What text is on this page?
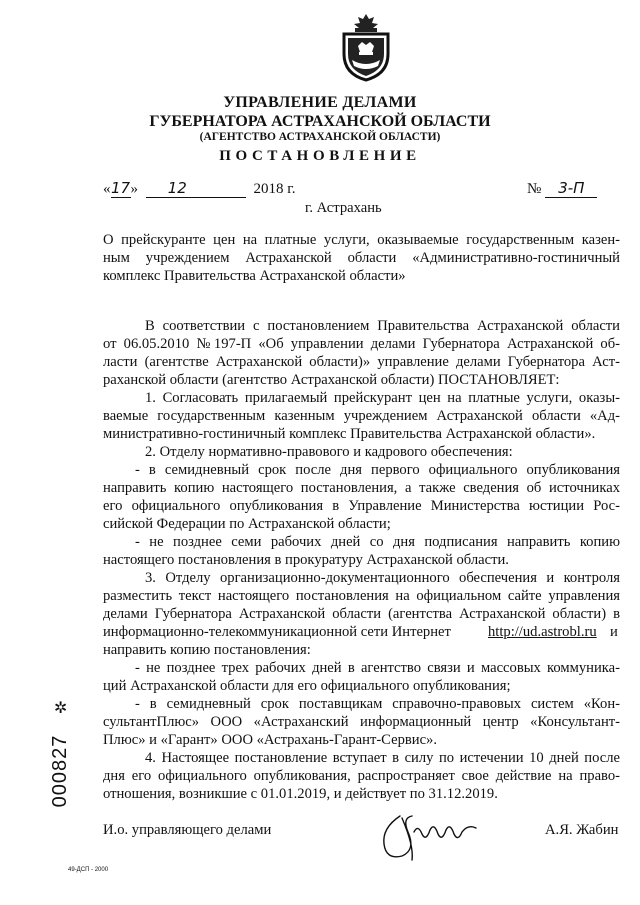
УПРАВЛЕНИЕ ДЕЛАМИ
ГУБЕРНАТОРА АСТРАХАНСКОЙ ОБЛАСТИ
(АГЕНТСТВО АСТРАХАНСКОЙ ОБЛАСТИ)
ПОСТАНОВЛЕНИЕ
«17» 12	2018 г.	№ 3-П
г. Астрахань
О прейскуранте цен на платные услуги, оказываемые государственным казен-
ным учреждением Астраханской области «Административно-гостиничный
комплекс Правительства Астраханской области»
В соответствии с постановлением Правительства Астраханской области
от 06.05.2010 №197-П «Об управлении делами Губернатора Астраханской об-
ласти (агентстве Астраханской области)» управление делами Губернатора Аст-
раханской области (агентство Астраханской области) ПОСТАНОВЛЯЕТ:
1. Согласовать прилагаемый прейскурант цен на платные услуги, оказы-
ваемые государственным казенным учреждением Астраханской области «Ад-
министративно-гостиничный комплекс Правительства Астраханской области».
2. Отделу нормативно-правового и кадрового обеспечения:
- в семидневный срок после дня первого официального опубликования
направить копию настоящего постановления, а также сведения об источниках
его официального опубликования в Управление Министерства юстиции Рос-
сийской Федерации по Астраханской области;
- не позднее семи рабочих дней со дня подписания направить копию
настоящего постановления в прокуратуру Астраханской области.
3. Отделу организационно-документационного обеспечения и контроля
разместить текст настоящего постановления на официальном сайте управления
делами Губернатора Астраханской области (агентства Астраханской области) в
информационно-телекоммуникационной сети Интернет	http://ud.astrobl.ru и
направить копию постановления:
- не позднее трех рабочих дней в агентство связи и массовых коммуника-
ций Астраханской области для его официального опубликования;
- в семидневный срок поставщикам справочно-правовых систем «Кон-
сультантПлюс» ООО «Астраханский информационный центр «Консультант-
Плюс» и «Гарант» ООО «Астрахань-Гарант-Сервис».
4. Настоящее постановление вступает в силу по истечении 10 дней после
дня его официального опубликования, распространяет свое действие на право-
отношения, возникшие с 01.01.2019, и действует по 31.12.2019.
И.о. управляющего делами	А.Я. Жабин
49-ДСП - 2000
✲
000827
